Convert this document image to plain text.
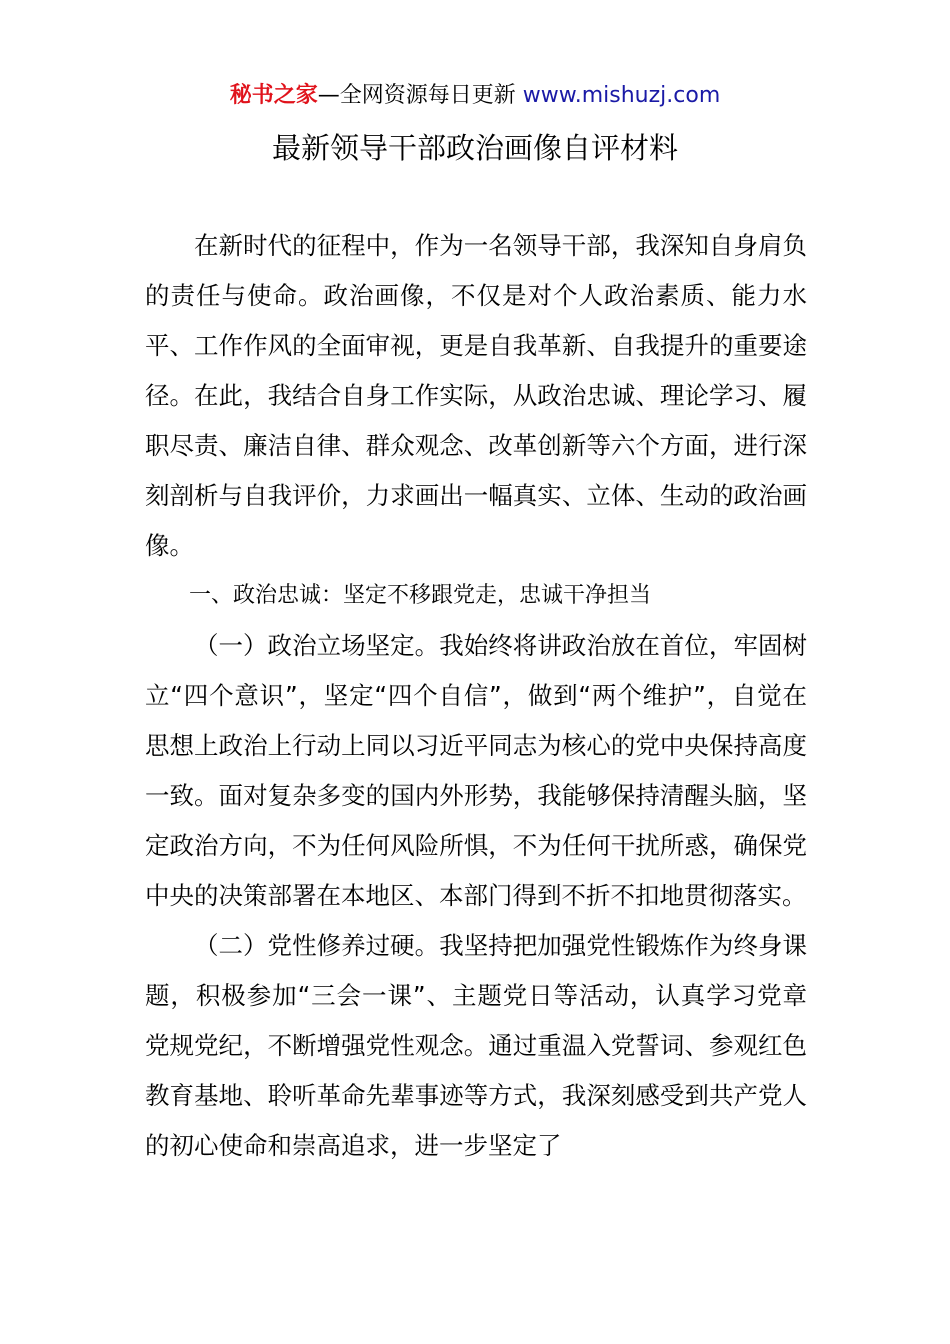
秘书之家—全网资源每日更新 www.mishuzj.com
最新领导干部政治画像自评材料

在新时代的征程中，作为一名领导干部，我深知自身肩负的责任与使命。政治画像，不仅是对个人政治素质、能力水平、工作作风的全面审视，更是自我革新、自我提升的重要途径。在此，我结合自身工作实际，从政治忠诚、理论学习、履职尽责、廉洁自律、群众观念、改革创新等六个方面，进行深刻剖析与自我评价，力求画出一幅真实、立体、生动的政治画像。

一、政治忠诚：坚定不移跟党走，忠诚干净担当

（一）政治立场坚定。我始终将讲政治放在首位，牢固树立“四个意识”，坚定“四个自信”，做到“两个维护”，自觉在思想上政治上行动上同以习近平同志为核心的党中央保持高度一致。面对复杂多变的国内外形势，我能够保持清醒头脑，坚定政治方向，不为任何风险所惧，不为任何干扰所惑，确保党中央的决策部署在本地区、本部门得到不折不扣地贯彻落实。

（二）党性修养过硬。我坚持把加强党性锻炼作为终身课题，积极参加“三会一课”、主题党日等活动，认真学习党章党规党纪，不断增强党性观念。通过重温入党誓词、参观红色教育基地、聆听革命先辈事迹等方式，我深刻感受到共产党人的初心使命和崇高追求，进一步坚定了
